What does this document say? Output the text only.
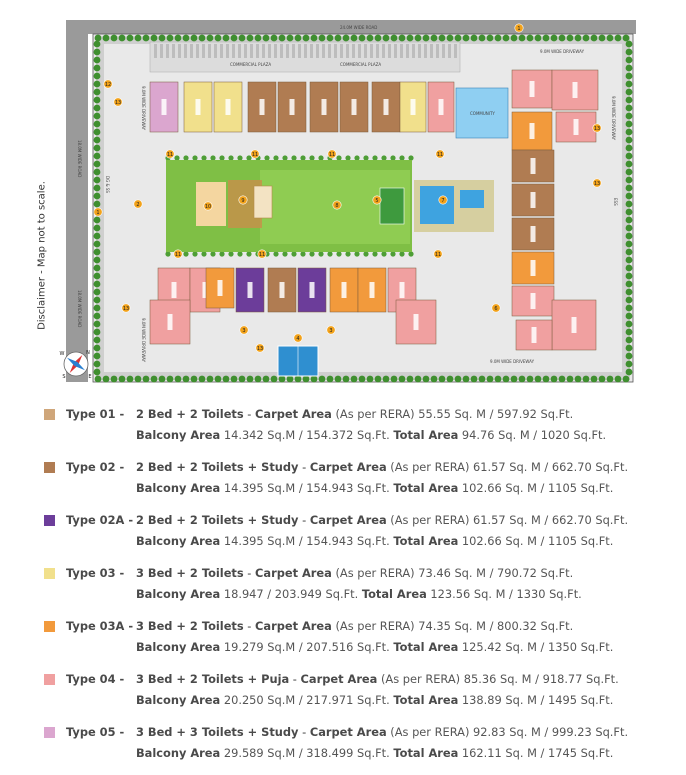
COMMERCIAL PLAZA	COMMERCIAL PLAZA
COMMUNITY
1
1
2
3	3
5
4
6
7
8
9
10
11	11	11	11
11	11	11
12
13
13
13
13
13
24.0M WIDE ROAD
18.0M WIDE ROAD
18.0M WIDE ROAD
9.0M WIDE DRIVEWAY
9.0M WIDE DRIVEWAY
9.0M WIDE DRIVEWAY
9.0M WIDE DRIVEWAY
9.0M WIDE DRIVEWAY
ESS
DG & SS
N
W
S	E
Disclaimer - Map not to scale.
Type 01 - 2 Bed + 2 Toilets - Carpet Area (As per RERA) 55.55 Sq. M / 597.92 Sq.Ft.
Balcony Area 14.342 Sq.M / 154.372 Sq.Ft. Total Area 94.76 Sq. M / 1020 Sq.Ft.
Type 02 - 2 Bed + 2 Toilets + Study - Carpet Area (As per RERA) 61.57 Sq. M / 662.70 Sq.Ft.
Balcony Area 14.395 Sq.M / 154.943 Sq.Ft. Total Area 102.66 Sq. M / 1105 Sq.Ft.
Type 02A - 2 Bed + 2 Toilets + Study - Carpet Area (As per RERA) 61.57 Sq. M / 662.70 Sq.Ft.
Balcony Area 14.395 Sq.M / 154.943 Sq.Ft. Total Area 102.66 Sq. M / 1105 Sq.Ft.
Type 03 - 3 Bed + 2 Toilets - Carpet Area (As per RERA) 73.46 Sq. M / 790.72 Sq.Ft.
Balcony Area 18.947 / 203.949 Sq.Ft. Total Area 123.56 Sq. M / 1330 Sq.Ft.
Type 03A - 3 Bed + 2 Toilets - Carpet Area (As per RERA) 74.35 Sq. M / 800.32 Sq.Ft.
Balcony Area 19.279 Sq.M / 207.516 Sq.Ft. Total Area 125.42 Sq. M / 1350 Sq.Ft.
Type 04 - 3 Bed + 2 Toilets + Puja - Carpet Area (As per RERA) 85.36 Sq. M / 918.77 Sq.Ft.
Balcony Area 20.250 Sq.M / 217.971 Sq.Ft. Total Area 138.89 Sq. M / 1495 Sq.Ft.
Type 05 - 3 Bed + 3 Toilets + Study - Carpet Area (As per RERA) 92.83 Sq. M / 999.23 Sq.Ft.
Balcony Area 29.589 Sq.M / 318.499 Sq.Ft. Total Area 162.11 Sq. M / 1745 Sq.Ft.
